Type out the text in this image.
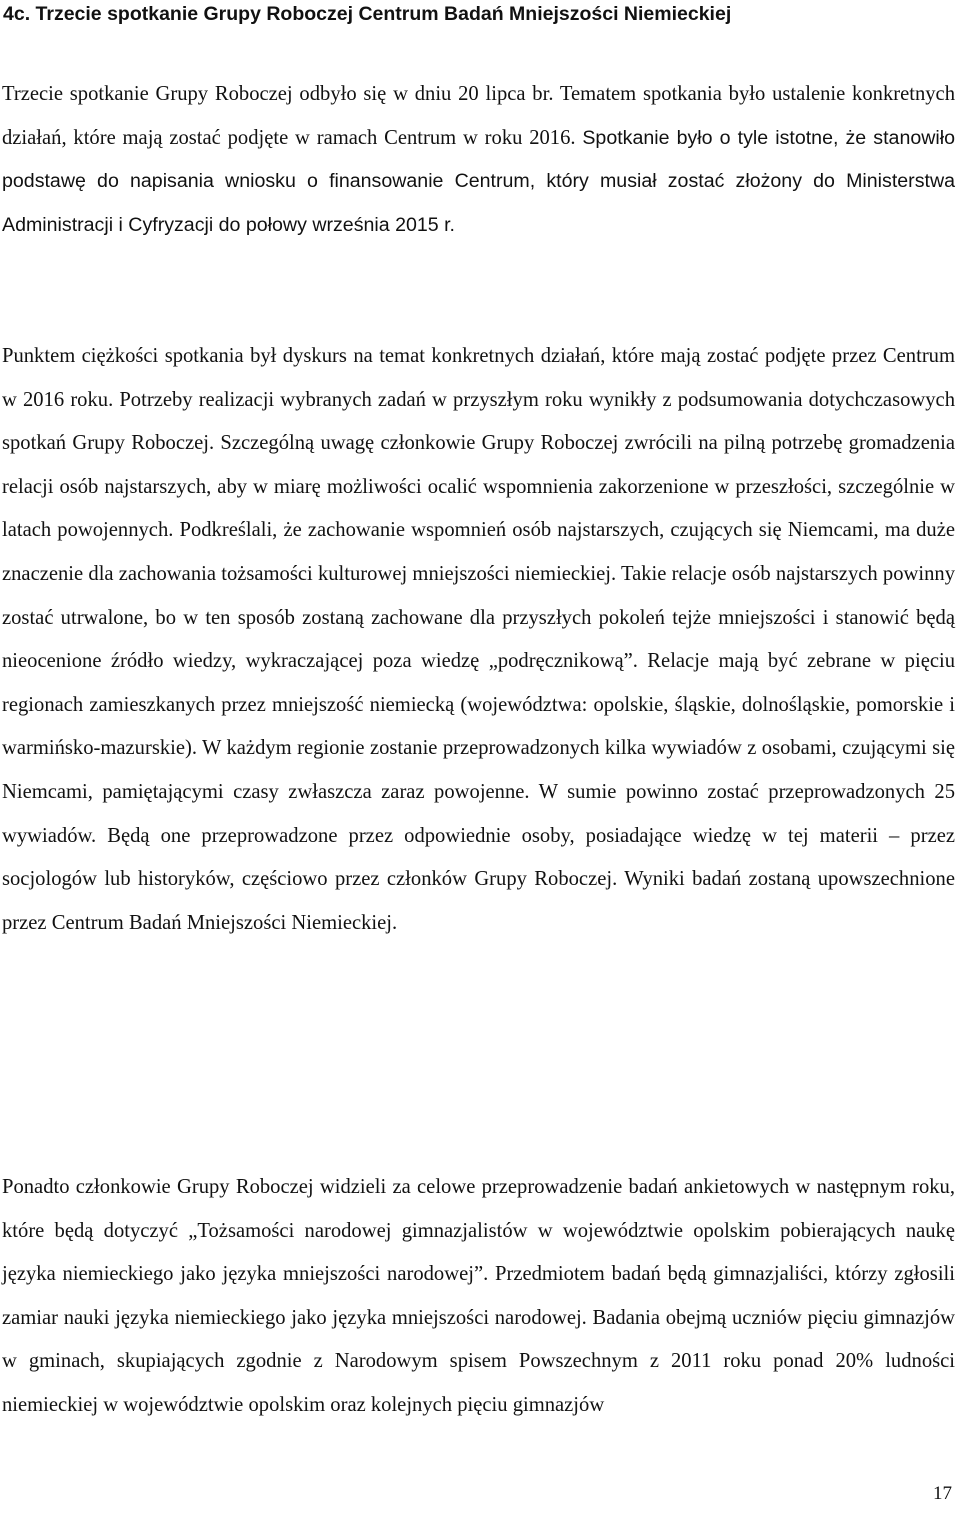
4c. Trzecie spotkanie Grupy Roboczej Centrum Badań Mniejszości Niemieckiej

Trzecie spotkanie Grupy Roboczej odbyło się w dniu 20 lipca br. Tematem spotkania było ustalenie konkretnych działań, które mają zostać podjęte w ramach Centrum w roku 2016. Spotkanie było o tyle istotne, że stanowiło podstawę do napisania wniosku o finansowanie Centrum, który musiał zostać złożony do Ministerstwa Administracji i Cyfryzacji do połowy września 2015 r.

Punktem ciężkości spotkania był dyskurs na temat konkretnych działań, które mają zostać podjęte przez Centrum w 2016 roku. Potrzeby realizacji wybranych zadań w przyszłym roku wynikły z podsumowania dotychczasowych spotkań Grupy Roboczej. Szczególną uwagę członkowie Grupy Roboczej zwrócili na pilną potrzebę gromadzenia relacji osób najstarszych, aby w miarę możliwości ocalić wspomnienia zakorzenione w przeszłości, szczególnie w latach powojennych. Podkreślali, że zachowanie wspomnień osób najstarszych, czujących się Niemcami, ma duże znaczenie dla zachowania tożsamości kulturowej mniejszości niemieckiej. Takie relacje osób najstarszych powinny zostać utrwalone, bo w ten sposób zostaną zachowane dla przyszłych pokoleń tejże mniejszości i stanowić będą nieocenione źródło wiedzy, wykraczającej poza wiedzę „podręcznikową”. Relacje mają być zebrane w pięciu regionach zamieszkanych przez mniejszość niemiecką (województwa: opolskie, śląskie, dolnośląskie, pomorskie i warmińsko-mazurskie). W każdym regionie zostanie przeprowadzonych kilka wywiadów z osobami, czującymi się Niemcami, pamiętającymi czasy zwłaszcza zaraz powojenne. W sumie powinno zostać przeprowadzonych 25 wywiadów. Będą one przeprowadzone przez odpowiednie osoby, posiadające wiedzę w tej materii – przez socjologów lub historyków, częściowo przez członków Grupy Roboczej. Wyniki badań zostaną upowszechnione przez Centrum Badań Mniejszości Niemieckiej.

Ponadto członkowie Grupy Roboczej widzieli za celowe przeprowadzenie badań ankietowych w następnym roku, które będą dotyczyć „Tożsamości narodowej gimnazjalistów w województwie opolskim pobierających naukę języka niemieckiego jako języka mniejszości narodowej”. Przedmiotem badań będą gimnazjaliści, którzy zgłosili zamiar nauki języka niemieckiego jako języka mniejszości narodowej. Badania obejmą uczniów pięciu gimnazjów w gminach, skupiających zgodnie z Narodowym spisem Powszechnym z 2011 roku ponad 20% ludności niemieckiej w województwie opolskim oraz kolejnych pięciu gimnazjów

17
